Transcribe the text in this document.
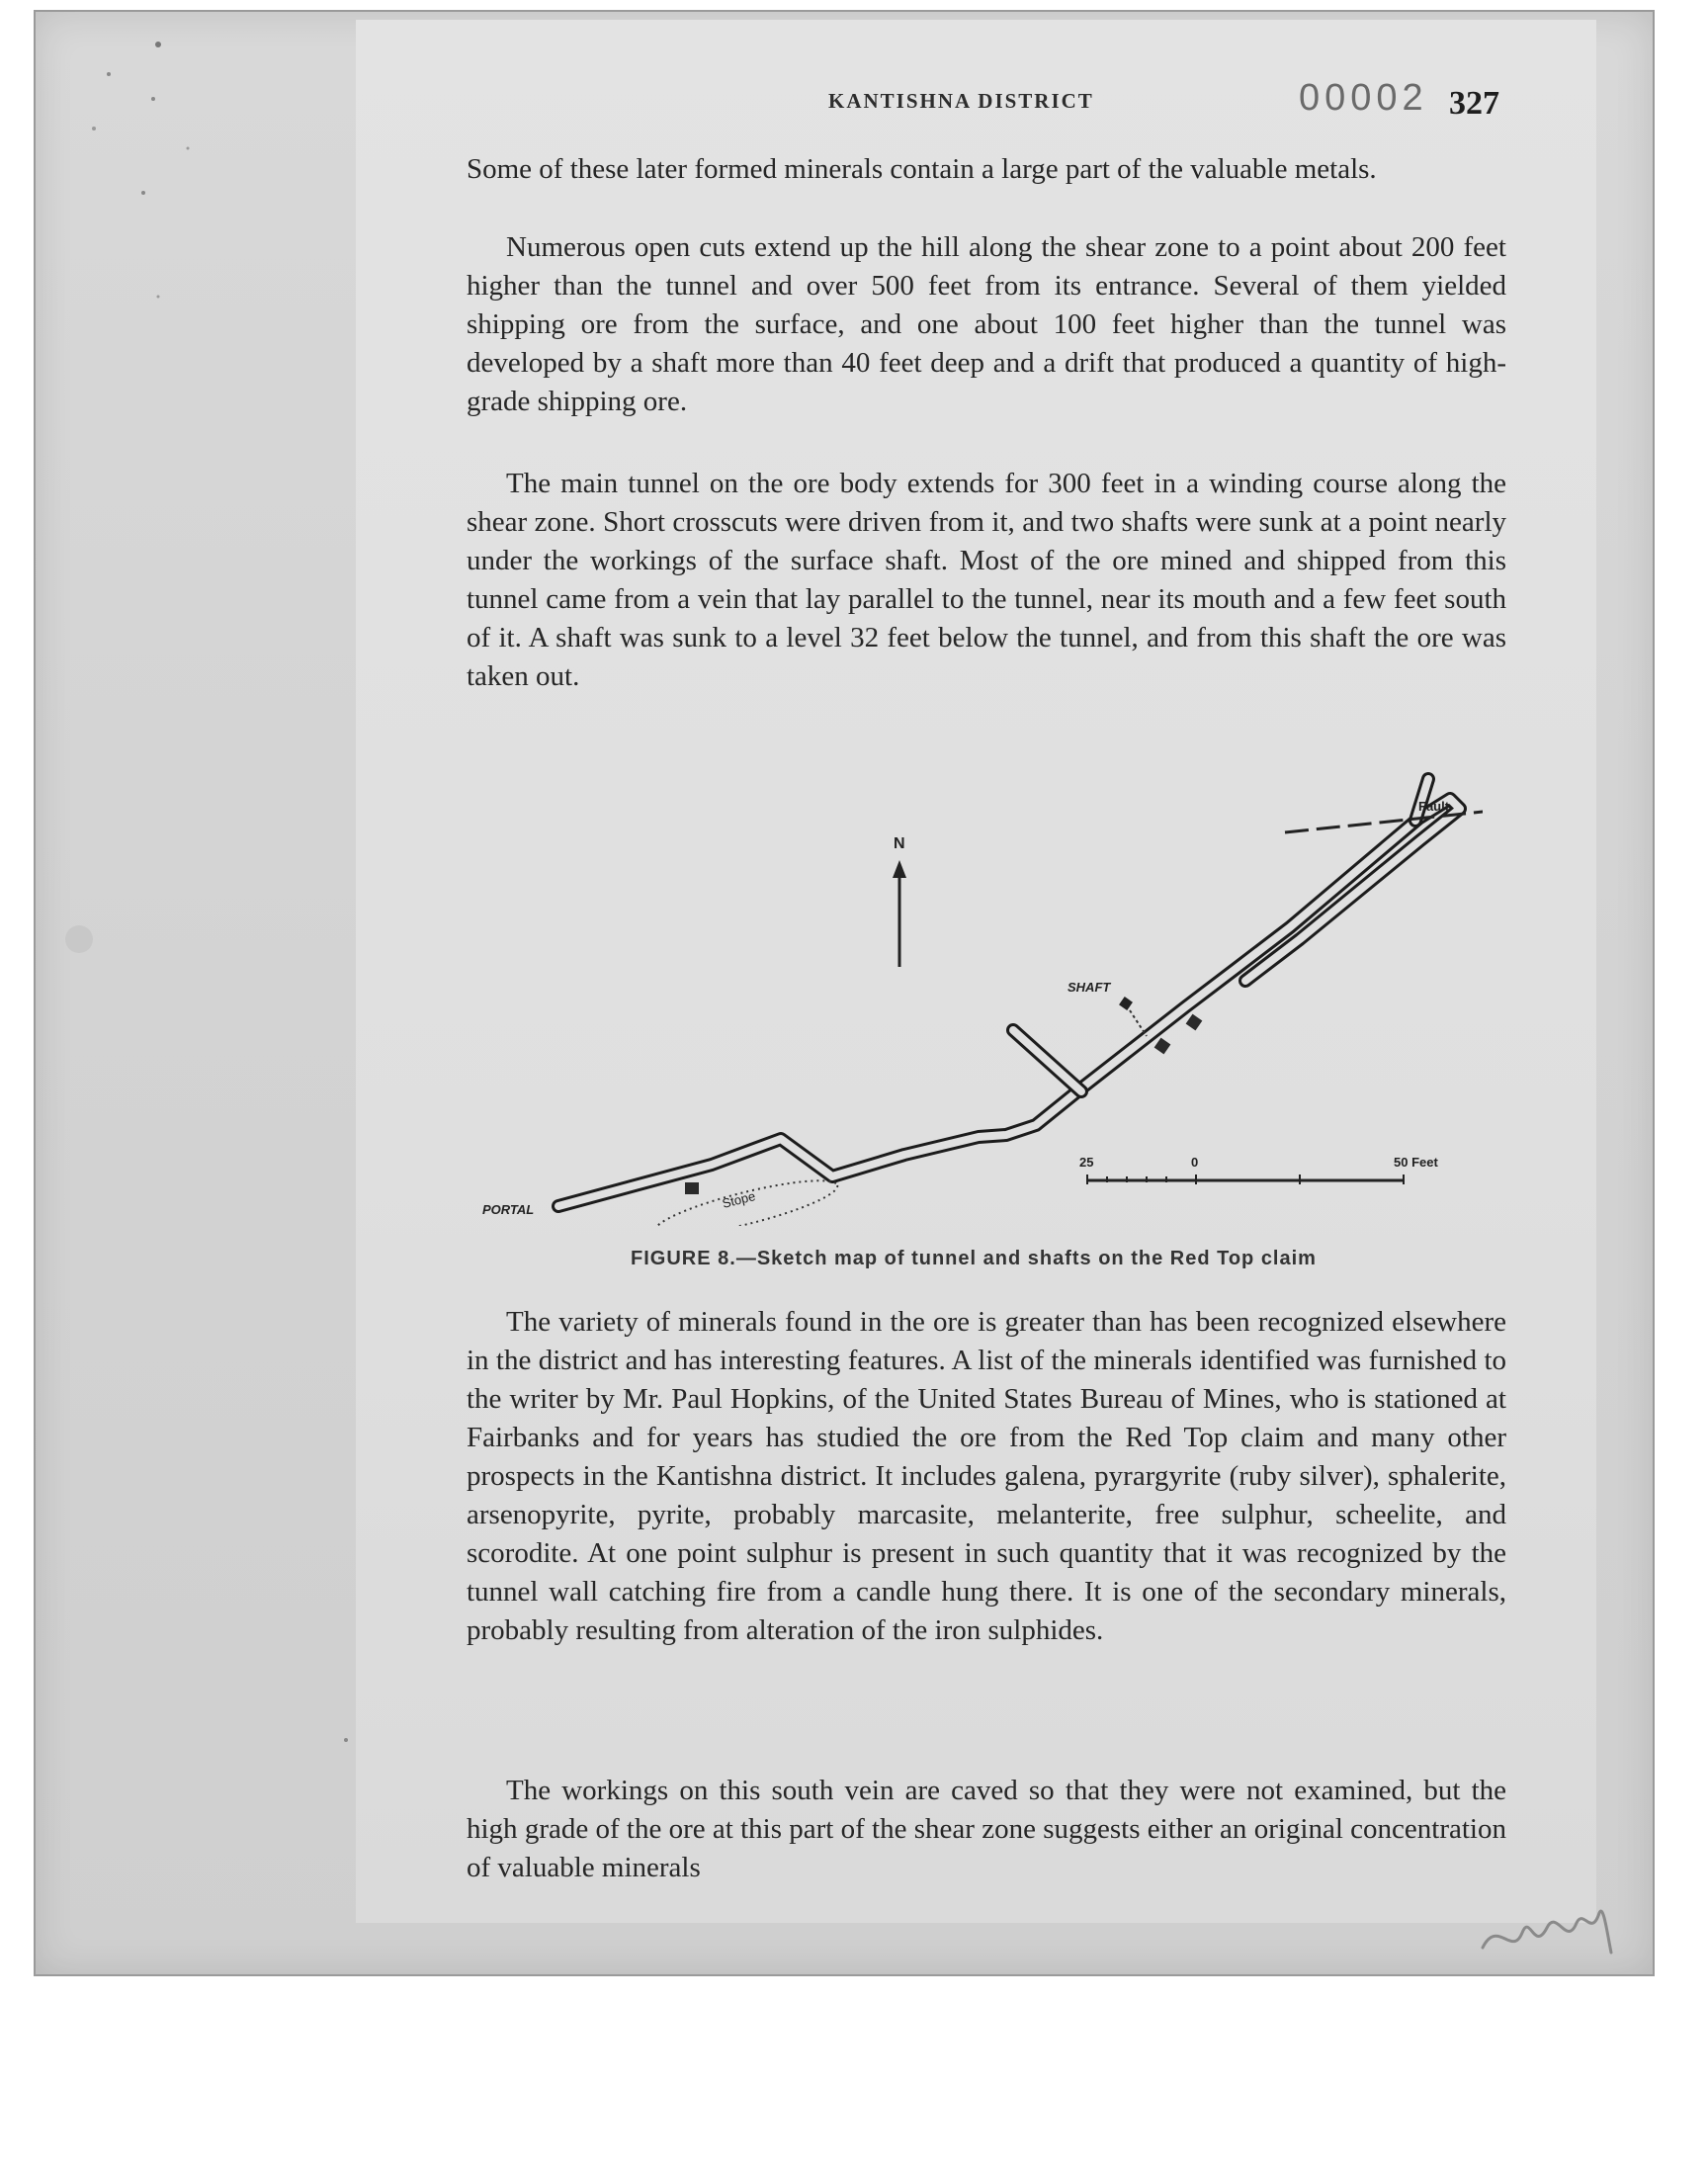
KANTISHNA DISTRICT	00002 327

Some of these later formed minerals contain a large part of the valuable metals.

Numerous open cuts extend up the hill along the shear zone to a point about 200 feet higher than the tunnel and over 500 feet from its entrance. Several of them yielded shipping ore from the surface, and one about 100 feet higher than the tunnel was developed by a shaft more than 40 feet deep and a drift that produced a quantity of high-grade shipping ore.

The main tunnel on the ore body extends for 300 feet in a winding course along the shear zone. Short crosscuts were driven from it, and two shafts were sunk at a point nearly under the workings of the surface shaft. Most of the ore mined and shipped from this tunnel came from a vein that lay parallel to the tunnel, near its mouth and a few feet south of it. A shaft was sunk to a level 32 feet below the tunnel, and from this shaft the ore was taken out.

N
Fault
SHAFT
Stope
PORTAL
25	0	50 Feet
FIGURE 8.—Sketch map of tunnel and shafts on the Red Top claim

The variety of minerals found in the ore is greater than has been recognized elsewhere in the district and has interesting features. A list of the minerals identified was furnished to the writer by Mr. Paul Hopkins, of the United States Bureau of Mines, who is stationed at Fairbanks and for years has studied the ore from the Red Top claim and many other prospects in the Kantishna district. It includes galena, pyrargyrite (ruby silver), sphalerite, arsenopyrite, pyrite, probably marcasite, melanterite, free sulphur, scheelite, and scorodite. At one point sulphur is present in such quantity that it was recognized by the tunnel wall catching fire from a candle hung there. It is one of the secondary minerals, probably resulting from alteration of the iron sulphides.

The workings on this south vein are caved so that they were not examined, but the high grade of the ore at this part of the shear zone suggests either an original concentration of valuable minerals
